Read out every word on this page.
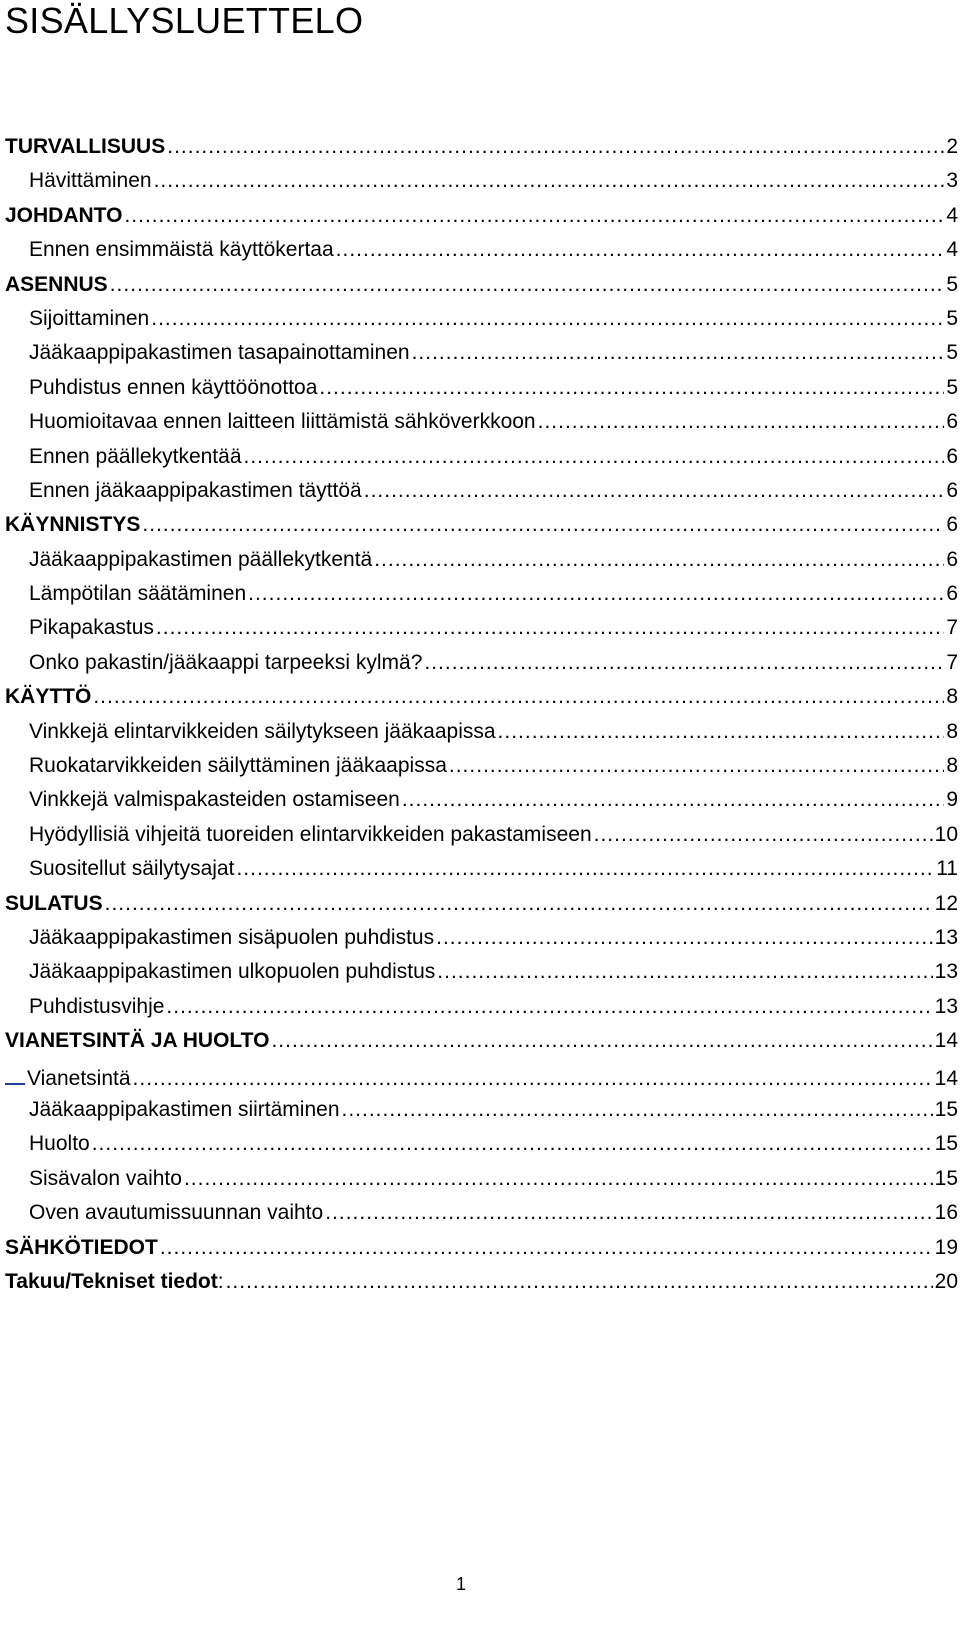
SISÄLLYSLUETTELO
TURVALLISUUS .....	2
Hävittäminen .....	3
JOHDANTO .....	4
Ennen ensimmäistä käyttökertaa .....	4
ASENNUS .....	5
Sijoittaminen .....	5
Jääkaappipakastimen tasapainottaminen .....	5
Puhdistus ennen käyttöönottoa .....	5
Huomioitavaa ennen laitteen liittämistä sähköverkkoon .....	6
Ennen päällekytkentää .....	6
Ennen jääkaappipakastimen täyttöä .....	6
KÄYNNISTYS .....	6
Jääkaappipakastimen päällekytkentä .....	6
Lämpötilan säätäminen .....	6
Pikapakastus .....	7
Onko pakastin/jääkaappi tarpeeksi kylmä? .....	7
KÄYTTÖ .....	8
Vinkkejä elintarvikkeiden säilytykseen jääkaapissa .....	8
Ruokatarvikkeiden säilyttäminen jääkaapissa .....	8
Vinkkejä valmispakasteiden ostamiseen .....	9
Hyödyllisiä vihjeitä tuoreiden elintarvikkeiden pakastamiseen .....	10
Suositellut säilytysajat .....	11
SULATUS .....	12
Jääkaappipakastimen sisäpuolen puhdistus .....	13
Jääkaappipakastimen ulkopuolen puhdistus .....	13
Puhdistusvihje .....	13
VIANETSINTÄ JA HUOLTO .....	14
Vianetsintä .....	14
Jääkaappipakastimen siirtäminen .....	15
Huolto .....	15
Sisävalon vaihto .....	15
Oven avautumissuunnan vaihto .....	16
SÄHKÖTIEDOT .....	19
Takuu/Tekniset tiedot: .....	20
1
